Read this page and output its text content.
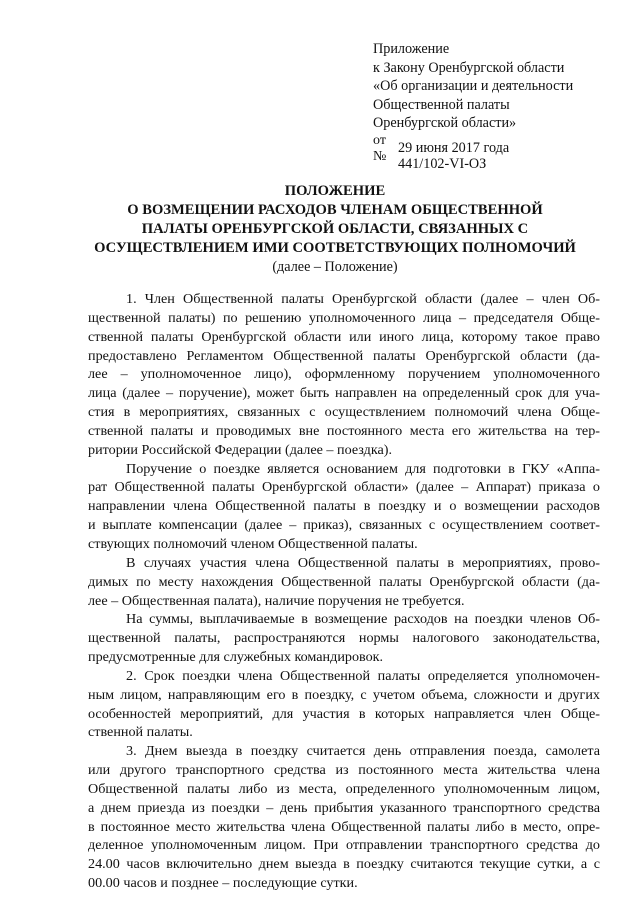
Приложение
к Закону Оренбургской области
«Об организации и деятельности
Общественной палаты
Оренбургской области»
от
№
29 июня 2017 года
441/102-VI-ОЗ
ПОЛОЖЕНИЕ
О ВОЗМЕЩЕНИИ РАСХОДОВ ЧЛЕНАМ ОБЩЕСТВЕННОЙ
ПАЛАТЫ ОРЕНБУРГСКОЙ ОБЛАСТИ, СВЯЗАННЫХ С
ОСУЩЕСТВЛЕНИЕМ ИМИ СООТВЕТСТВУЮЩИХ ПОЛНОМОЧИЙ
(далее – Положение)
1. Член Общественной палаты Оренбургской области (далее – член Об-
щественной палаты) по решению уполномоченного лица – председателя Обще-
ственной палаты Оренбургской области или иного лица, которому такое право
предоставлено Регламентом Общественной палаты Оренбургской области (да-
лее – уполномоченное лицо), оформленному поручением уполномоченного
лица (далее – поручение), может быть направлен на определенный срок для уча-
стия в мероприятиях, связанных с осуществлением полномочий члена Обще-
ственной палаты и проводимых вне постоянного места его жительства на тер-
ритории Российской Федерации (далее – поездка).
Поручение о поездке является основанием для подготовки в ГКУ «Аппа-
рат Общественной палаты Оренбургской области» (далее – Аппарат) приказа о
направлении члена Общественной палаты в поездку и о возмещении расходов
и выплате компенсации (далее – приказ), связанных с осуществлением соответ-
ствующих полномочий членом Общественной палаты.
В случаях участия члена Общественной палаты в мероприятиях, прово-
димых по месту нахождения Общественной палаты Оренбургской области (да-
лее – Общественная палата), наличие поручения не требуется.
На суммы, выплачиваемые в возмещение расходов на поездки членов Об-
щественной палаты, распространяются нормы налогового законодательства,
предусмотренные для служебных командировок.
2. Срок поездки члена Общественной палаты определяется уполномочен-
ным лицом, направляющим его в поездку, с учетом объема, сложности и других
особенностей мероприятий, для участия в которых направляется член Обще-
ственной палаты.
3. Днем выезда в поездку считается день отправления поезда, самолета
или другого транспортного средства из постоянного места жительства члена
Общественной палаты либо из места, определенного уполномоченным лицом,
а днем приезда из поездки – день прибытия указанного транспортного средства
в постоянное место жительства члена Общественной палаты либо в место, опре-
деленное уполномоченным лицом. При отправлении транспортного средства до
24.00 часов включительно днем выезда в поездку считаются текущие сутки, а с
00.00 часов и позднее – последующие сутки.
